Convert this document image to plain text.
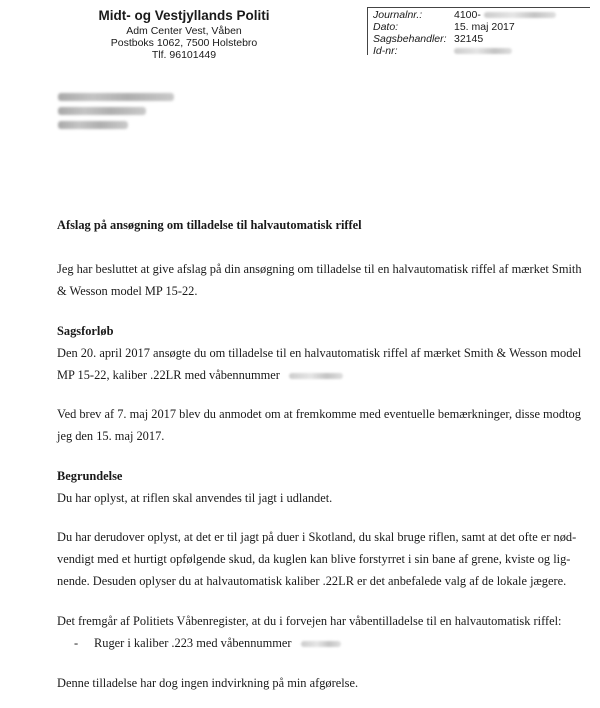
Midt- og Vestjyllands Politi
Adm Center Vest, Våben
Postboks 1062, 7500 Holstebro
Tlf. 96101449
Journalnr.:	4100-
Dato:	15. maj 2017
Sagsbehandler: 32145
Id-nr:
Afslag på ansøgning om tilladelse til halvautomatisk riffel
Jeg har besluttet at give afslag på din ansøgning om tilladelse til en halvautomatisk riffel af mærket Smith
& Wesson model MP 15-22.
Sagsforløb
Den 20. april 2017 ansøgte du om tilladelse til en halvautomatisk riffel af mærket Smith & Wesson model
MP 15-22, kaliber .22LR med våbennummer
Ved brev af 7. maj 2017 blev du anmodet om at fremkomme med eventuelle bemærkninger, disse modtog
jeg den 15. maj 2017.
Begrundelse
Du har oplyst, at riflen skal anvendes til jagt i udlandet.
Du har derudover oplyst, at det er til jagt på duer i Skotland, du skal bruge riflen, samt at det ofte er nød-
vendigt med et hurtigt opfølgende skud, da kuglen kan blive forstyrret i sin bane af grene, kviste og lig-
nende. Desuden oplyser du at halvautomatisk kaliber .22LR er det anbefalede valg af de lokale jægere.
Det fremgår af Politiets Våbenregister, at du i forvejen har våbentilladelse til en halvautomatisk riffel:
- Ruger i kaliber .223 med våbennummer
Denne tilladelse har dog ingen indvirkning på min afgørelse.
